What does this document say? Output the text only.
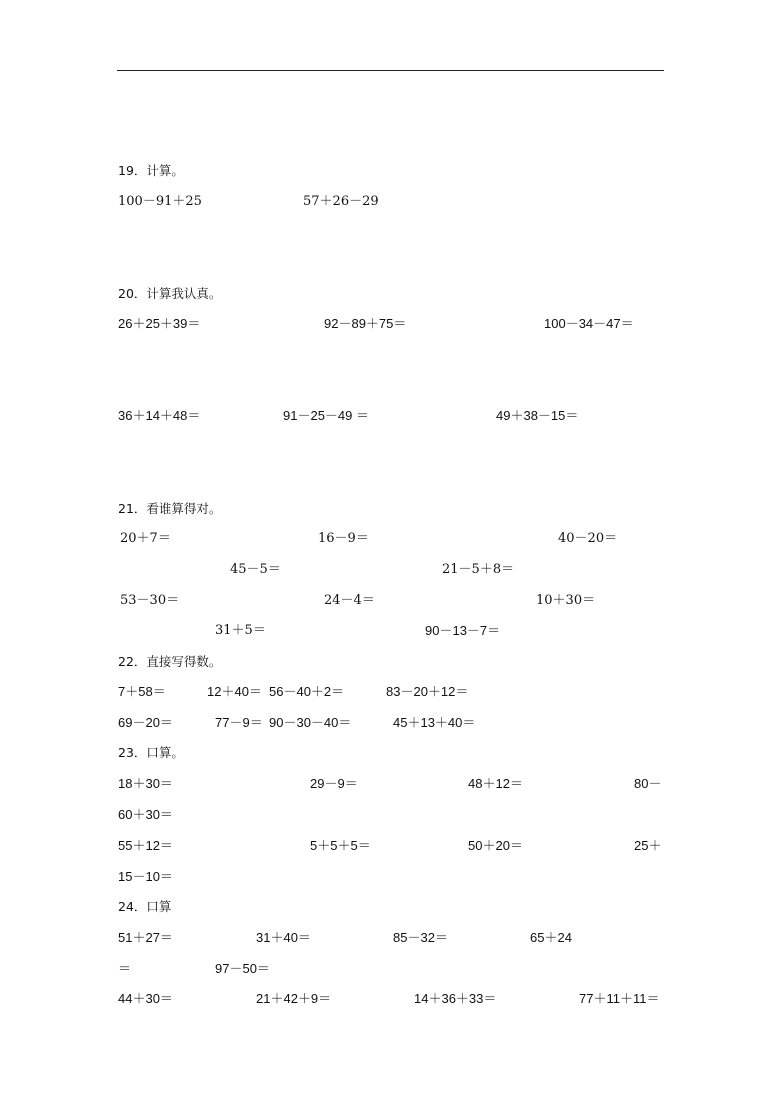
19．计算。
100－91＋25	57＋26－29
20．计算我认真。
26＋25＋39＝	92－89＋75＝	100－34－47＝
36＋14＋48＝	91－25－49 ＝	49＋38－15＝
21．看谁算得对。
20＋7＝	16－9＝	40－20＝
45－5＝	21－5＋8＝
53－30＝	24－4＝	10＋30＝
31＋5＝	90－13－7＝
22．直接写得数。
7＋58＝	12＋40＝ 56－40＋2＝	83－20＋12＝
69－20＝	77－9＝ 90－30－40＝	45＋13＋40＝
23．口算。
18＋30＝	29－9＝	48＋12＝	80－
60＋30＝
55＋12＝	5＋5＋5＝	50＋20＝	25＋
15－10＝
24．口算
51＋27＝	31＋40＝	85－32＝	65＋24
＝	97－50＝
44＋30＝	21＋42＋9＝	14＋36＋33＝	77＋11＋11＝
